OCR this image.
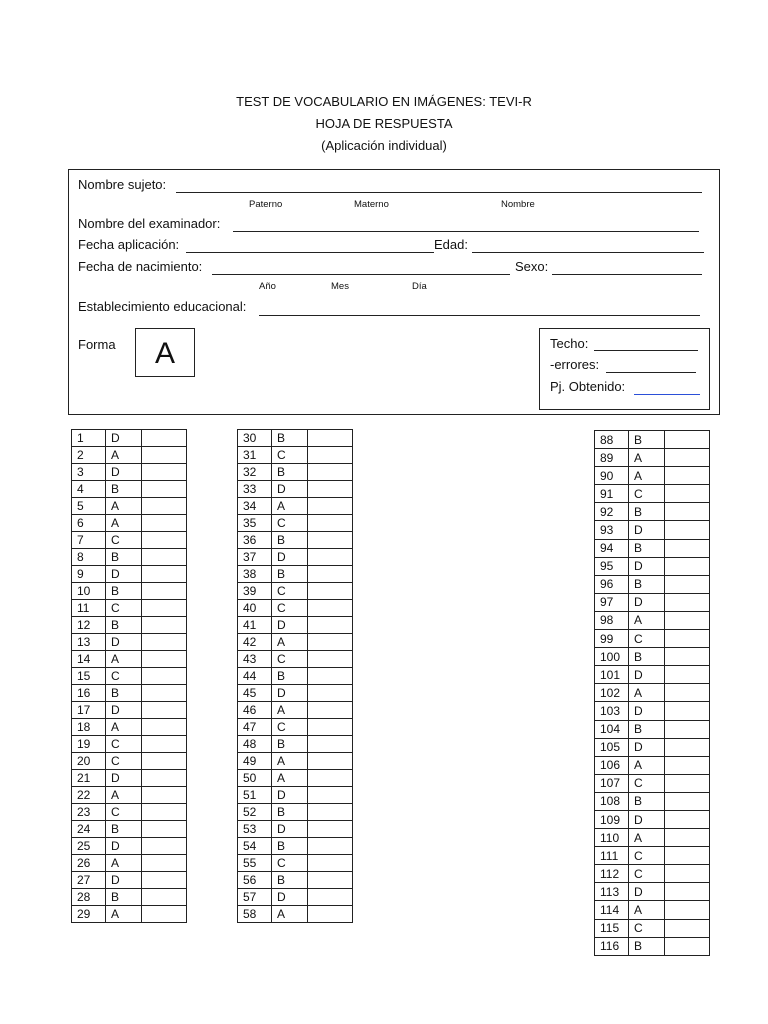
TEST DE VOCABULARIO EN IMÁGENES: TEVI-R
HOJA DE RESPUESTA
(Aplicación individual)
Nombre sujeto:
Paterno	Materno	Nombre
Nombre del examinador:
Fecha aplicación:	Edad:
Fecha de nacimiento:	Sexo:
Año	Mes	Día
Establecimiento educacional:
Forma	A	Techo:
-errores:
Pj. Obtenido:
1	D	
2	A	
3	D	
4	B	
5	A	
6	A	
7	C	
8	B	
9	D	
10	B	
11	C	
12	B	
13	D	
14	A	
15	C	
16	B	
17	D	
18	A	
19	C	
20	C	
21	D	
22	A	
23	C	
24	B	
25	D	
26	A	
27	D	
28	B	
29	A	
30	B	
31	C	
32	B	
33	D	
34	A	
35	C	
36	B	
37	D	
38	B	
39	C	
40	C	
41	D	
42	A	
43	C	
44	B	
45	D	
46	A	
47	C	
48	B	
49	A	
50	A	
51	D	
52	B	
53	D	
54	B	
55	C	
56	B	
57	D	
58	A	
88	B	
89	A	
90	A	
91	C	
92	B	
93	D	
94	B	
95	D	
96	B	
97	D	
98	A	
99	C	
100	B	
101	D	
102	A	
103	D	
104	B	
105	D	
106	A	
107	C	
108	B	
109	D	
110	A	
111	C	
112	C	
113	D	
114	A	
115	C	
116	B	
